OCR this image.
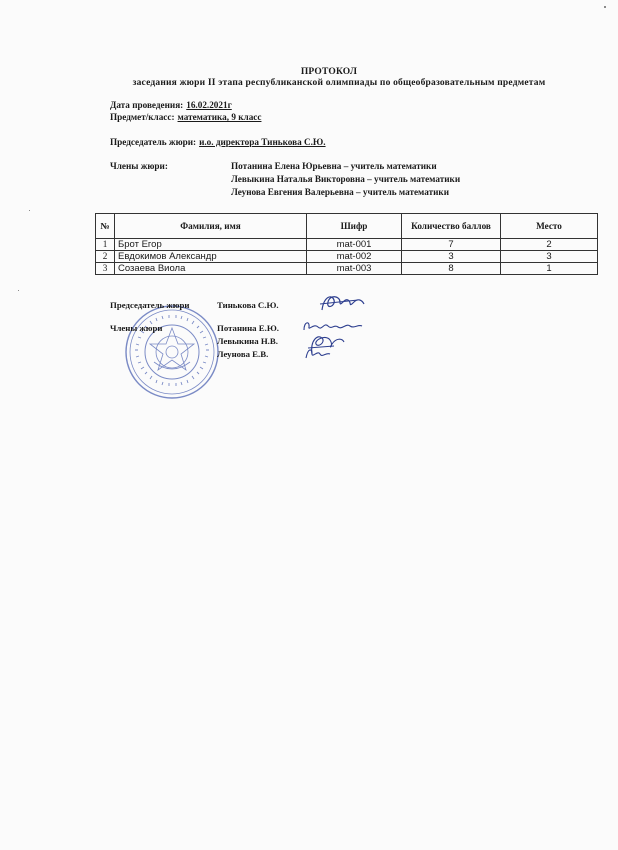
ПРОТОКОЛ
заседания жюри II этапа республиканской олимпиады по общеобразовательным предметам
Дата проведения: 16.02.2021г
Предмет/класс: математика, 9 класс
Председатель жюри: и.о. директора Тинькова С.Ю.
Члены жюри:	Потанина Елена Юрьевна – учитель математики
Левыкина Наталья Викторовна – учитель математики
Леунова Евгения Валерьевна – учитель математики
№	Фамилия, имя	Шифр	Количество баллов	Место
1	Брот Егор	mat-001	7	2
2	Евдокимов Александр	mat-002	3	3
3	Созаева Виола	mat-003	8	1
Председатель жюри	Тинькова С.Ю.
Члены жюри	Потанина Е.Ю.
Левыкина Н.В.
Леунова Е.В.
